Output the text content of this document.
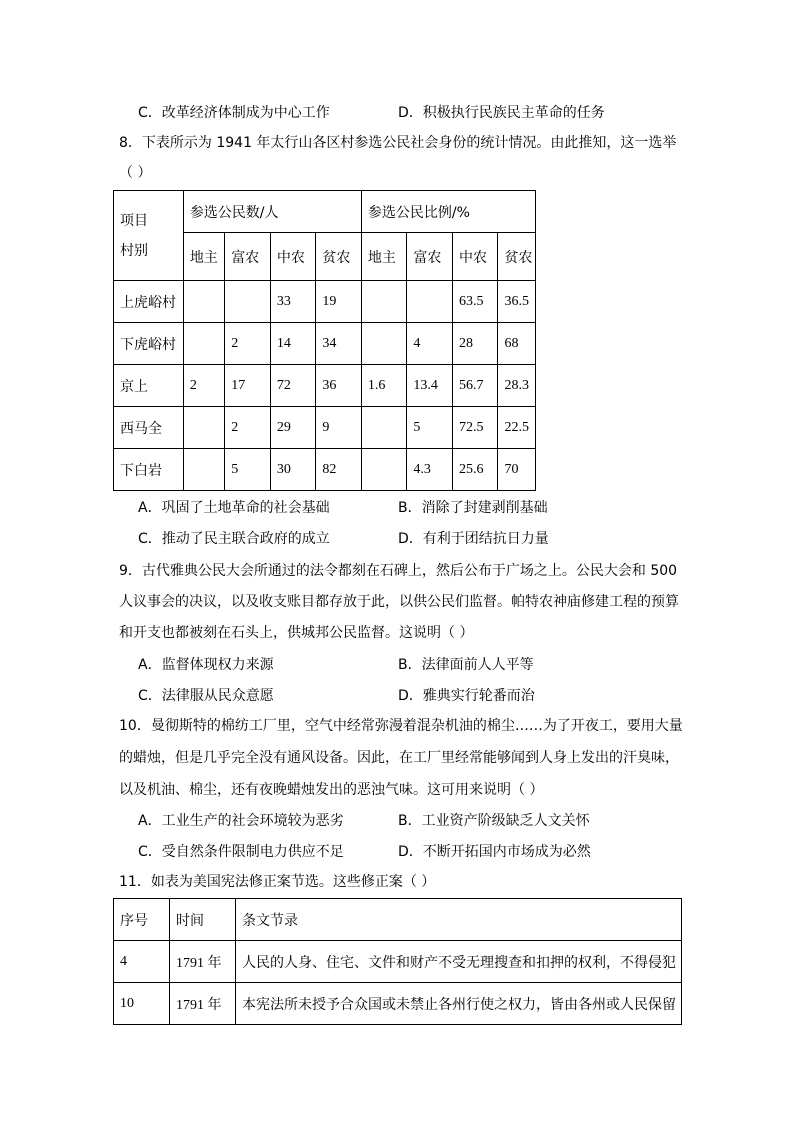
C．改革经济体制成为中心工作	D．积极执行民族民主革命的任务
8．下表所示为 1941 年太行山各区村参选公民社会身份的统计情况。由此推知，这一选举
（ ）
项目
村别	参选公民数/人				参选公民比例/%			
	地主	富农	中农	贫农	地主	富农	中农	贫农
上虎峪村			33	19			63.5	36.5
下虎峪村		2	14	34		4	28	68
京上	2	17	72	36	1.6	13.4	56.7	28.3
西马全		2	29	9		5	72.5	22.5
下白岩		5	30	82		4.3	25.6	70
A．巩固了土地革命的社会基础	B．消除了封建剥削基础
C．推动了民主联合政府的成立	D．有利于团结抗日力量
9．古代雅典公民大会所通过的法令都刻在石碑上，然后公布于广场之上。公民大会和 500
人议事会的决议，以及收支账目都存放于此，以供公民们监督。帕特农神庙修建工程的预算
和开支也都被刻在石头上，供城邦公民监督。这说明（ ）
A．监督体现权力来源	B．法律面前人人平等
C．法律服从民众意愿	D．雅典实行轮番而治
10．曼彻斯特的棉纺工厂里，空气中经常弥漫着混杂机油的棉尘……为了开夜工，要用大量
的蜡烛，但是几乎完全没有通风设备。因此，在工厂里经常能够闻到人身上发出的汗臭味，
以及机油、棉尘，还有夜晚蜡烛发出的恶浊气味。这可用来说明（ ）
A．工业生产的社会环境较为恶劣	B．工业资产阶级缺乏人文关怀
C．受自然条件限制电力供应不足	D．不断开拓国内市场成为必然
11．如表为美国宪法修正案节选。这些修正案（ ）
序号	时间	条文节录
4	1791 年	人民的人身、住宅、文件和财产不受无理搜查和扣押的权利，不得侵犯
10	1791 年	本宪法所未授予合众国或未禁止各州行使之权力，皆由各州或人民保留
